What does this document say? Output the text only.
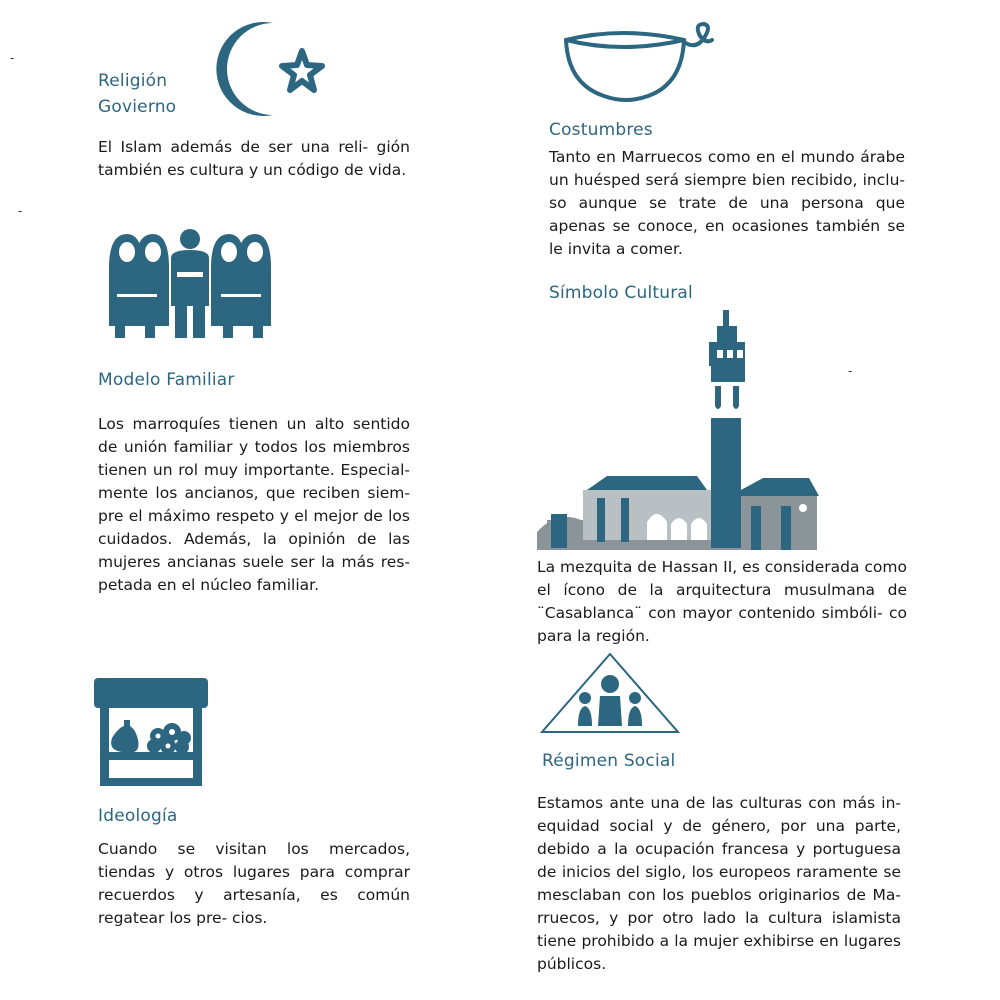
-
-
-
Religión
Govierno
El Islam además de ser una reli- gión también es cultura y un código de vida.
Modelo Familiar
Los marroquíes tienen un alto sentido de unión familiar y todos los miembros tienen un rol muy importante. Especial- mente los ancianos, que reciben siem- pre el máximo respeto y el mejor de los cuidados. Además, la opinión de las mujeres ancianas suele ser la más res- petada en el núcleo familiar.
Ideología
Cuando se visitan los mercados, tiendas y otros lugares para comprar recuerdos y artesanía, es común regatear los pre- cios.
Costumbres
Tanto en Marruecos como en el mundo árabe un huésped será siempre bien recibido, inclu- so aunque se trate de una persona que apenas se conoce, en ocasiones también se le invita a comer.
Símbolo Cultural
La mezquita de Hassan II, es considerada como el ícono de la arquitectura musulmana de ¨Casablanca¨ con mayor contenido simbóli- co para la región.
Régimen Social
Estamos ante una de las culturas con más in- equidad social y de género, por una parte, debido a la ocupación francesa y portuguesa de inicios del siglo, los europeos raramente se mesclaban con los pueblos originarios de Ma- rruecos, y por otro lado la cultura islamista tiene prohibido a la mujer exhibirse en lugares públicos.
